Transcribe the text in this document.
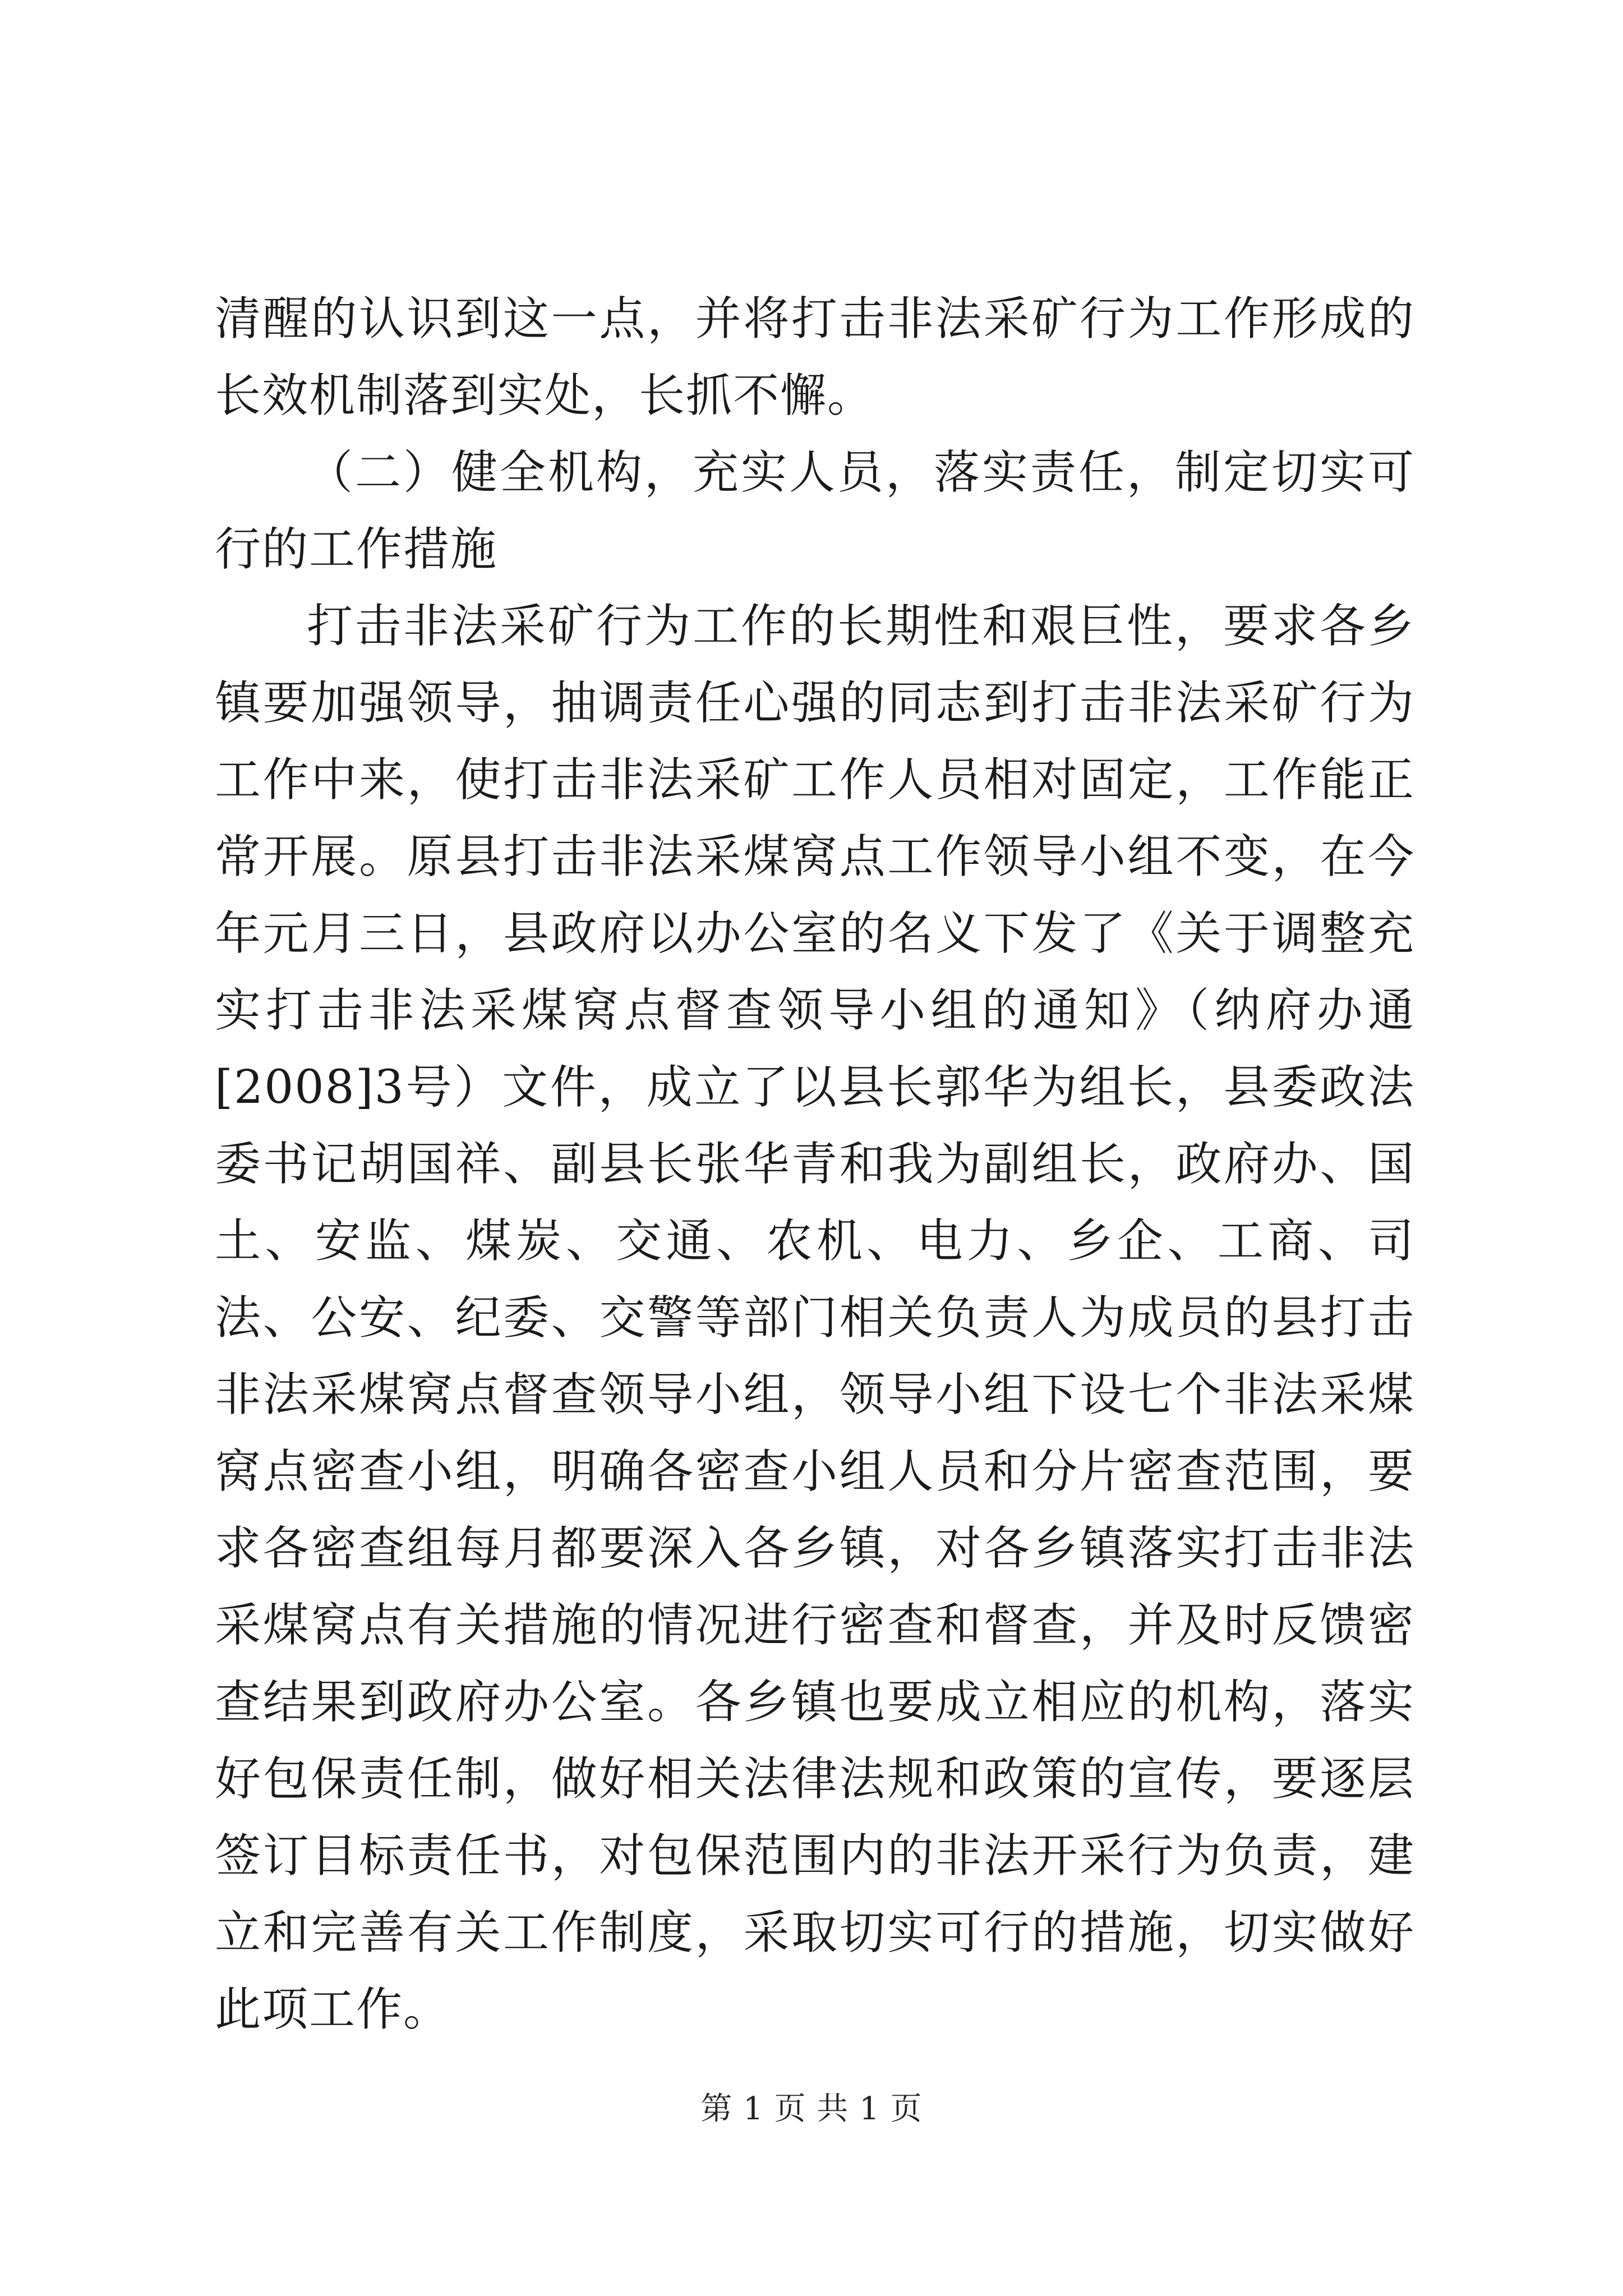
清醒的认识到这一点，并将打击非法采矿行为工作形成的长效机制落到实处，长抓不懈。

（二）健全机构，充实人员，落实责任，制定切实可行的工作措施

打击非法采矿行为工作的长期性和艰巨性，要求各乡镇要加强领导，抽调责任心强的同志到打击非法采矿行为工作中来，使打击非法采矿工作人员相对固定，工作能正常开展。原县打击非法采煤窝点工作领导小组不变，在今年元月三日，县政府以办公室的名义下发了《关于调整充实打击非法采煤窝点督查领导小组的通知》（纳府办通[2008]3号）文件，成立了以县长郭华为组长，县委政法委书记胡国祥、副县长张华青和我为副组长，政府办、国土、安监、煤炭、交通、农机、电力、乡企、工商、司法、公安、纪委、交警等部门相关负责人为成员的县打击非法采煤窝点督查领导小组，领导小组下设七个非法采煤窝点密查小组，明确各密查小组人员和分片密查范围，要求各密查组每月都要深入各乡镇，对各乡镇落实打击非法采煤窝点有关措施的情况进行密查和督查，并及时反馈密查结果到政府办公室。各乡镇也要成立相应的机构，落实好包保责任制，做好相关法律法规和政策的宣传，要逐层签订目标责任书，对包保范围内的非法开采行为负责，建立和完善有关工作制度，采取切实可行的措施，切实做好此项工作。

第 1 页 共 1 页
